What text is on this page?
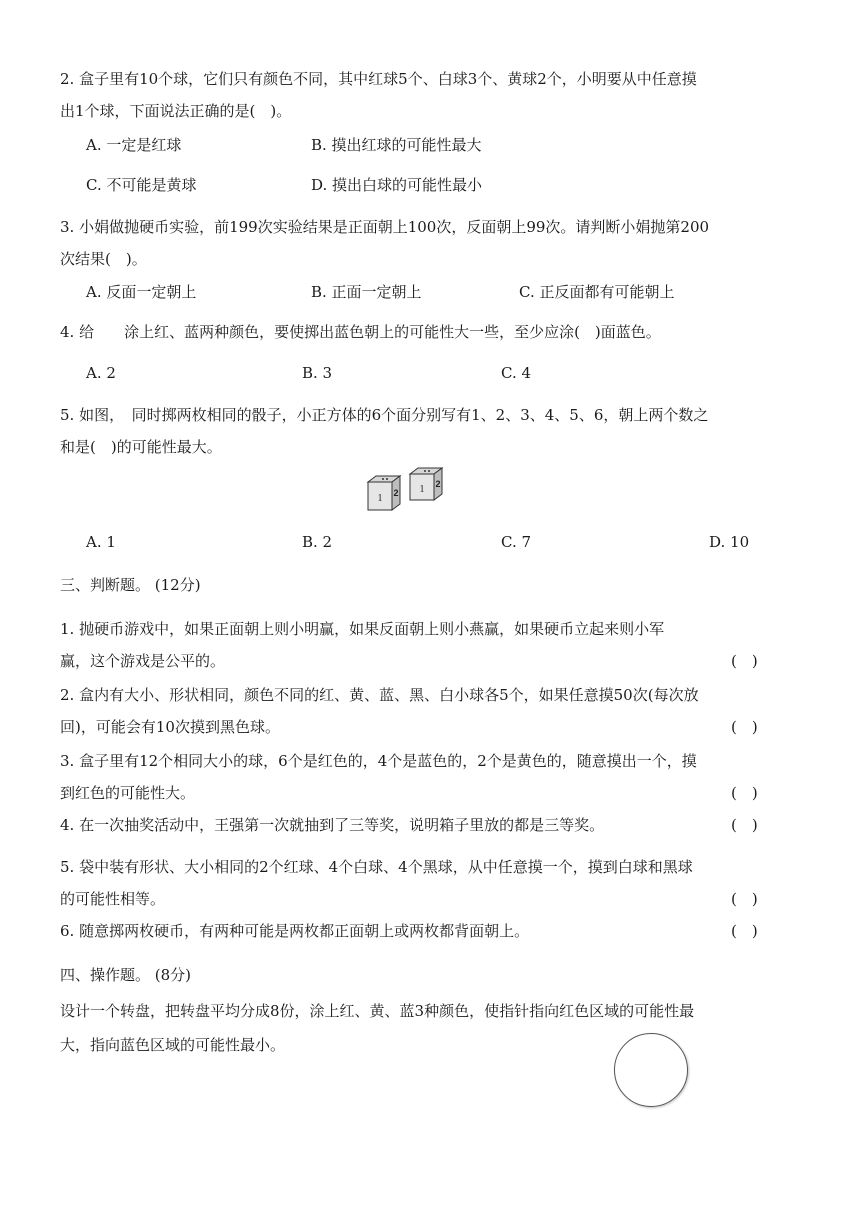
2. 盒子里有10个球，它们只有颜色不同，其中红球5个、白球3个、黄球2个，小明要从中任意摸
出1个球，下面说法正确的是(　)。
A. 一定是红球	B. 摸出红球的可能性最大
C. 不可能是黄球	D. 摸出白球的可能性最小
3. 小娟做抛硬币实验，前199次实验结果是正面朝上100次，反面朝上99次。请判断小娟抛第200
次结果(　)。
A. 反面一定朝上	B. 正面一定朝上	C. 正反面都有可能朝上
4. 给　　涂上红、蓝两种颜色，要使掷出蓝色朝上的可能性大一些，至少应涂(　)面蓝色。
A. 2	B. 3	C. 4
5. 如图，　同时掷两枚相同的骰子，小正方体的6个面分别写有1、2、3、4、5、6，朝上两个数之
和是(　)的可能性最大。
1 2 1 2
A. 1	B. 2	C. 7	D. 10
三、判断题。 (12分)
1. 抛硬币游戏中，如果正面朝上则小明赢，如果反面朝上则小燕赢，如果硬币立起来则小军
赢，这个游戏是公平的。	(　)
2. 盒内有大小、形状相同，颜色不同的红、黄、蓝、黑、白小球各5个，如果任意摸50次(每次放
回)，可能会有10次摸到黑色球。	(　)
3. 盒子里有12个相同大小的球，6个是红色的，4个是蓝色的，2个是黄色的，随意摸出一个，摸
到红色的可能性大。	(　)
4. 在一次抽奖活动中，王强第一次就抽到了三等奖，说明箱子里放的都是三等奖。	(　)
5. 袋中装有形状、大小相同的2个红球、4个白球、4个黑球，从中任意摸一个，摸到白球和黑球
的可能性相等。	(　)
6. 随意掷两枚硬币，有两种可能是两枚都正面朝上或两枚都背面朝上。	(　)
四、操作题。 (8分)
设计一个转盘，把转盘平均分成8份，涂上红、黄、蓝3种颜色，使指针指向红色区域的可能性最
大，指向蓝色区域的可能性最小。
